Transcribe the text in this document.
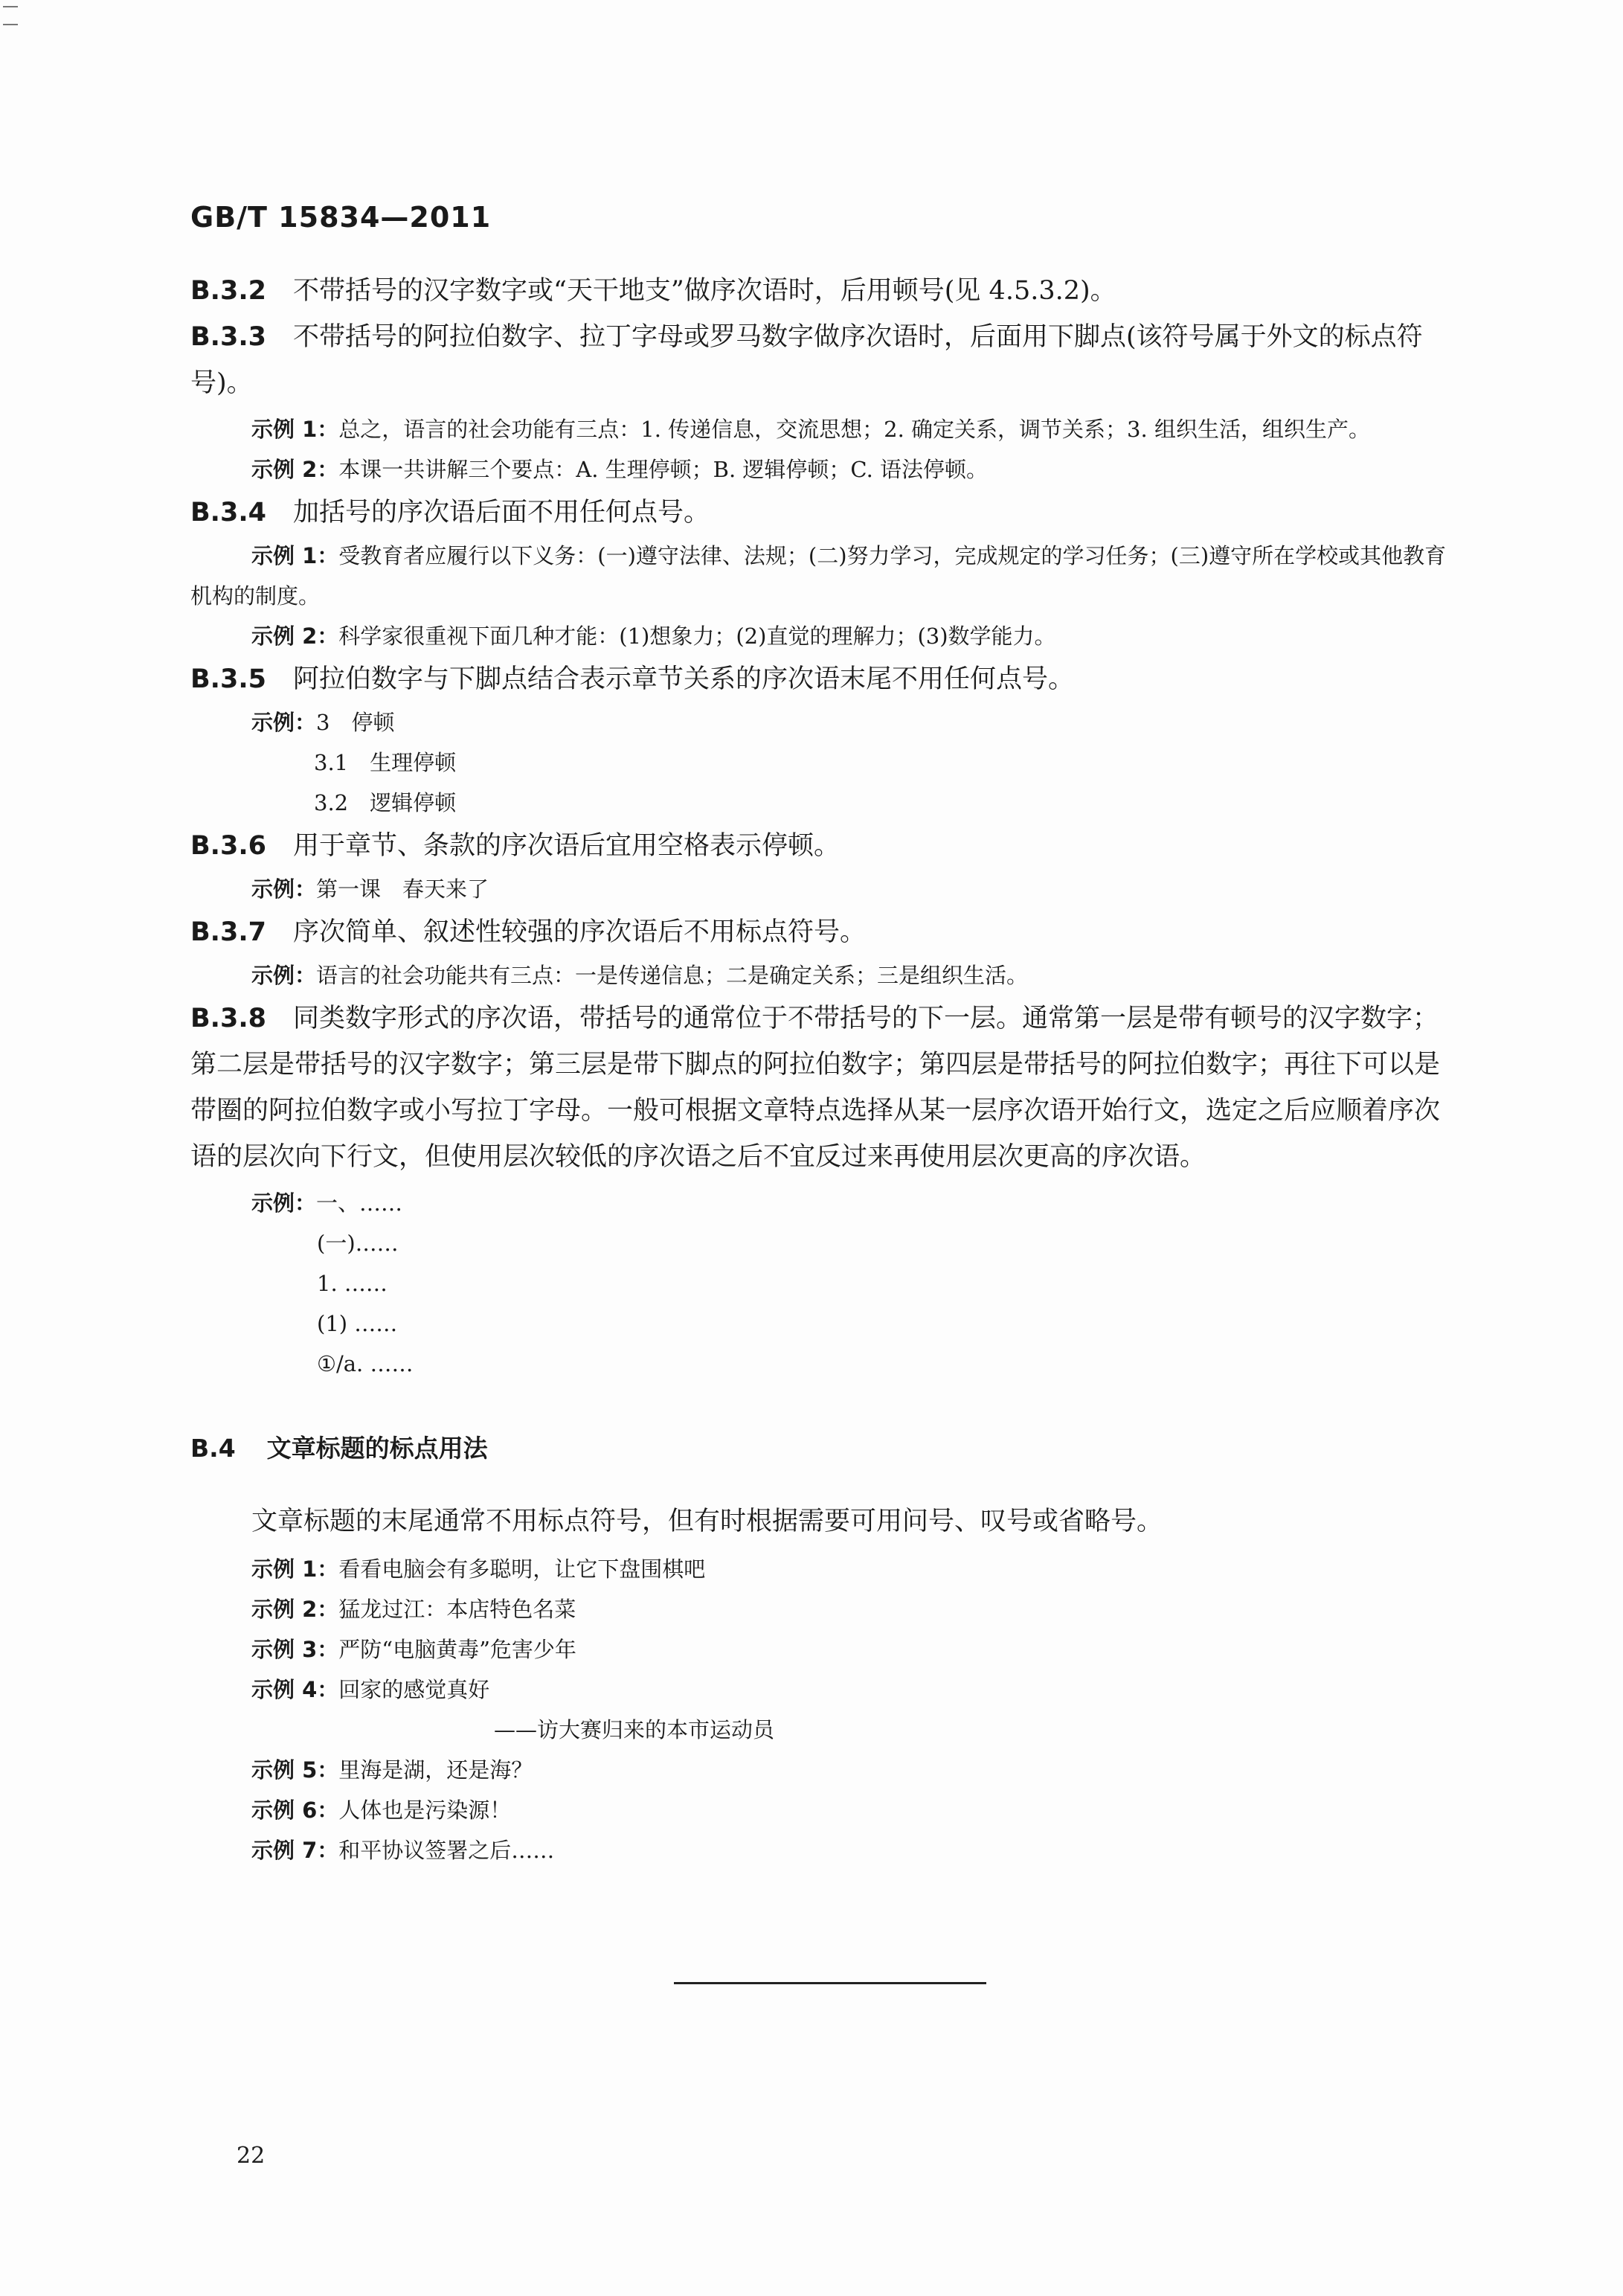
GB/T 15834—2011

B.3.2 不带括号的汉字数字或“天干地支”做序次语时，后用顿号(见 4.5.3.2)。

B.3.3 不带括号的阿拉伯数字、拉丁字母或罗马数字做序次语时，后面用下脚点(该符号属于外文的标点符号)。

示例 1：总之，语言的社会功能有三点：1. 传递信息，交流思想；2. 确定关系，调节关系；3. 组织生活，组织生产。

示例 2：本课一共讲解三个要点：A. 生理停顿；B. 逻辑停顿；C. 语法停顿。

B.3.4 加括号的序次语后面不用任何点号。

示例 1：受教育者应履行以下义务：(一)遵守法律、法规；(二)努力学习，完成规定的学习任务；(三)遵守所在学校或其他教育机构的制度。

示例 2：科学家很重视下面几种才能：(1)想象力；(2)直觉的理解力；(3)数学能力。

B.3.5 阿拉伯数字与下脚点结合表示章节关系的序次语末尾不用任何点号。

示例：3　停顿

3.1　生理停顿

3.2　逻辑停顿

B.3.6 用于章节、条款的序次语后宜用空格表示停顿。

示例：第一课　春天来了

B.3.7 序次简单、叙述性较强的序次语后不用标点符号。

示例：语言的社会功能共有三点：一是传递信息；二是确定关系；三是组织生活。

B.3.8 同类数字形式的序次语，带括号的通常位于不带括号的下一层。通常第一层是带有顿号的汉字数字；第二层是带括号的汉字数字；第三层是带下脚点的阿拉伯数字；第四层是带括号的阿拉伯数字；再往下可以是带圈的阿拉伯数字或小写拉丁字母。一般可根据文章特点选择从某一层序次语开始行文，选定之后应顺着序次语的层次向下行文，但使用层次较低的序次语之后不宜反过来再使用层次更高的序次语。

示例：一、……

(一)……

1. ……

(1) ……

①/a. ……

B.4 文章标题的标点用法

文章标题的末尾通常不用标点符号，但有时根据需要可用问号、叹号或省略号。

示例 1：看看电脑会有多聪明，让它下盘围棋吧

示例 2：猛龙过江：本店特色名菜

示例 3：严防“电脑黄毒”危害少年

示例 4：回家的感觉真好

——访大赛归来的本市运动员

示例 5：里海是湖，还是海？

示例 6：人体也是污染源！

示例 7：和平协议签署之后……

22
